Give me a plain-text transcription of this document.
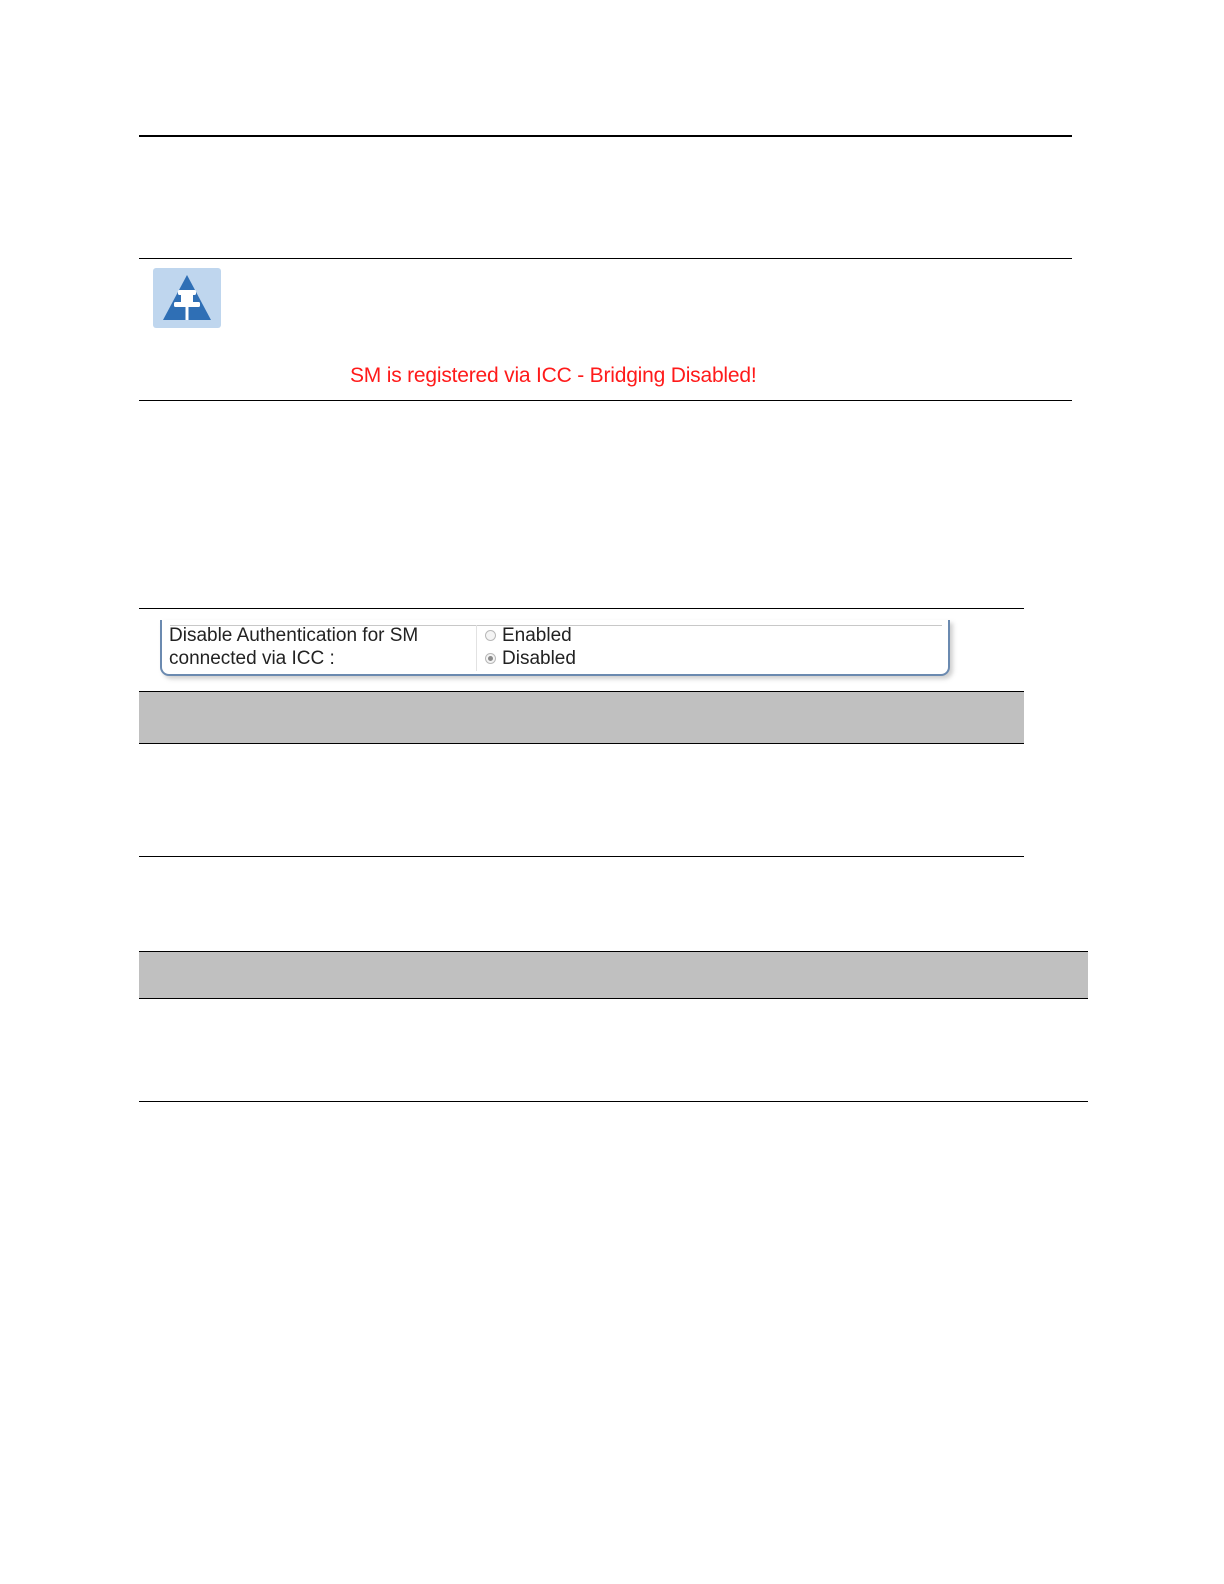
SM is registered via ICC - Bridging Disabled!
Disable Authentication for SM connected via ICC :
Enabled
Disabled
